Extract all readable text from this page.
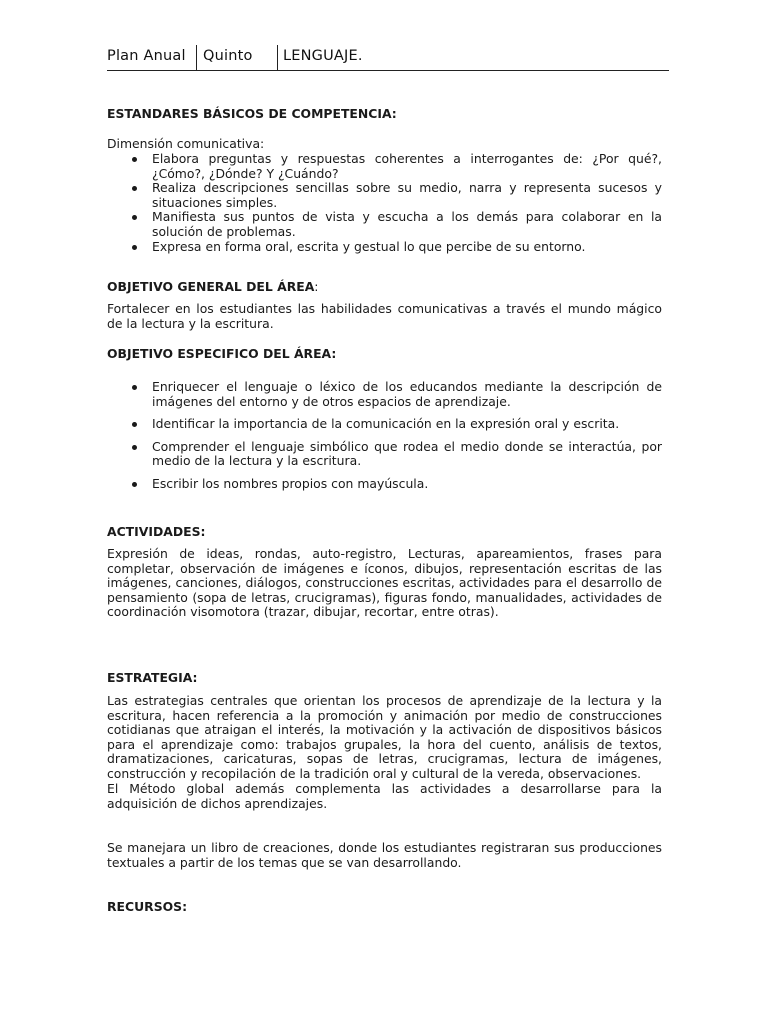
Plan Anual Quinto LENGUAJE.
ESTANDARES BÁSICOS DE COMPETENCIA:
Dimensión comunicativa:
Elabora preguntas y respuestas coherentes a interrogantes de: ¿Por qué?, ¿Cómo?, ¿Dónde? Y ¿Cuándo?
Realiza descripciones sencillas sobre su medio, narra y representa sucesos y situaciones simples.
Manifiesta sus puntos de vista y escucha a los demás para colaborar en la solución de problemas.
Expresa en forma oral, escrita y gestual lo que percibe de su entorno.
OBJETIVO GENERAL DEL ÁREA:
Fortalecer en los estudiantes las habilidades comunicativas a través el mundo mágico de la lectura y la escritura.
OBJETIVO ESPECIFICO DEL ÁREA:
Enriquecer el lenguaje o léxico de los educandos mediante la descripción de imágenes del entorno y de otros espacios de aprendizaje.
Identificar la importancia de la comunicación en la expresión oral y escrita.
Comprender el lenguaje simbólico que rodea el medio donde se interactúa, por medio de la lectura y la escritura.
Escribir los nombres propios con mayúscula.
ACTIVIDADES:
Expresión de ideas, rondas, auto-registro, Lecturas, apareamientos, frases para completar, observación de imágenes e íconos, dibujos, representación escritas de las imágenes, canciones, diálogos, construcciones escritas, actividades para el desarrollo de pensamiento (sopa de letras, crucigramas), figuras fondo, manualidades, actividades de coordinación visomotora (trazar, dibujar, recortar, entre otras).
ESTRATEGIA:
Las estrategias centrales que orientan los procesos de aprendizaje de la lectura y la escritura, hacen referencia a la promoción y animación por medio de construcciones cotidianas que atraigan el interés, la motivación y la activación de dispositivos básicos para el aprendizaje como: trabajos grupales, la hora del cuento, análisis de textos, dramatizaciones, caricaturas, sopas de letras, crucigramas, lectura de imágenes, construcción y recopilación de la tradición oral y cultural de la vereda, observaciones.
El Método global además complementa las actividades a desarrollarse para la adquisición de dichos aprendizajes.
Se manejara un libro de creaciones, donde los estudiantes registraran sus producciones textuales a partir de los temas que se van desarrollando.
RECURSOS:
